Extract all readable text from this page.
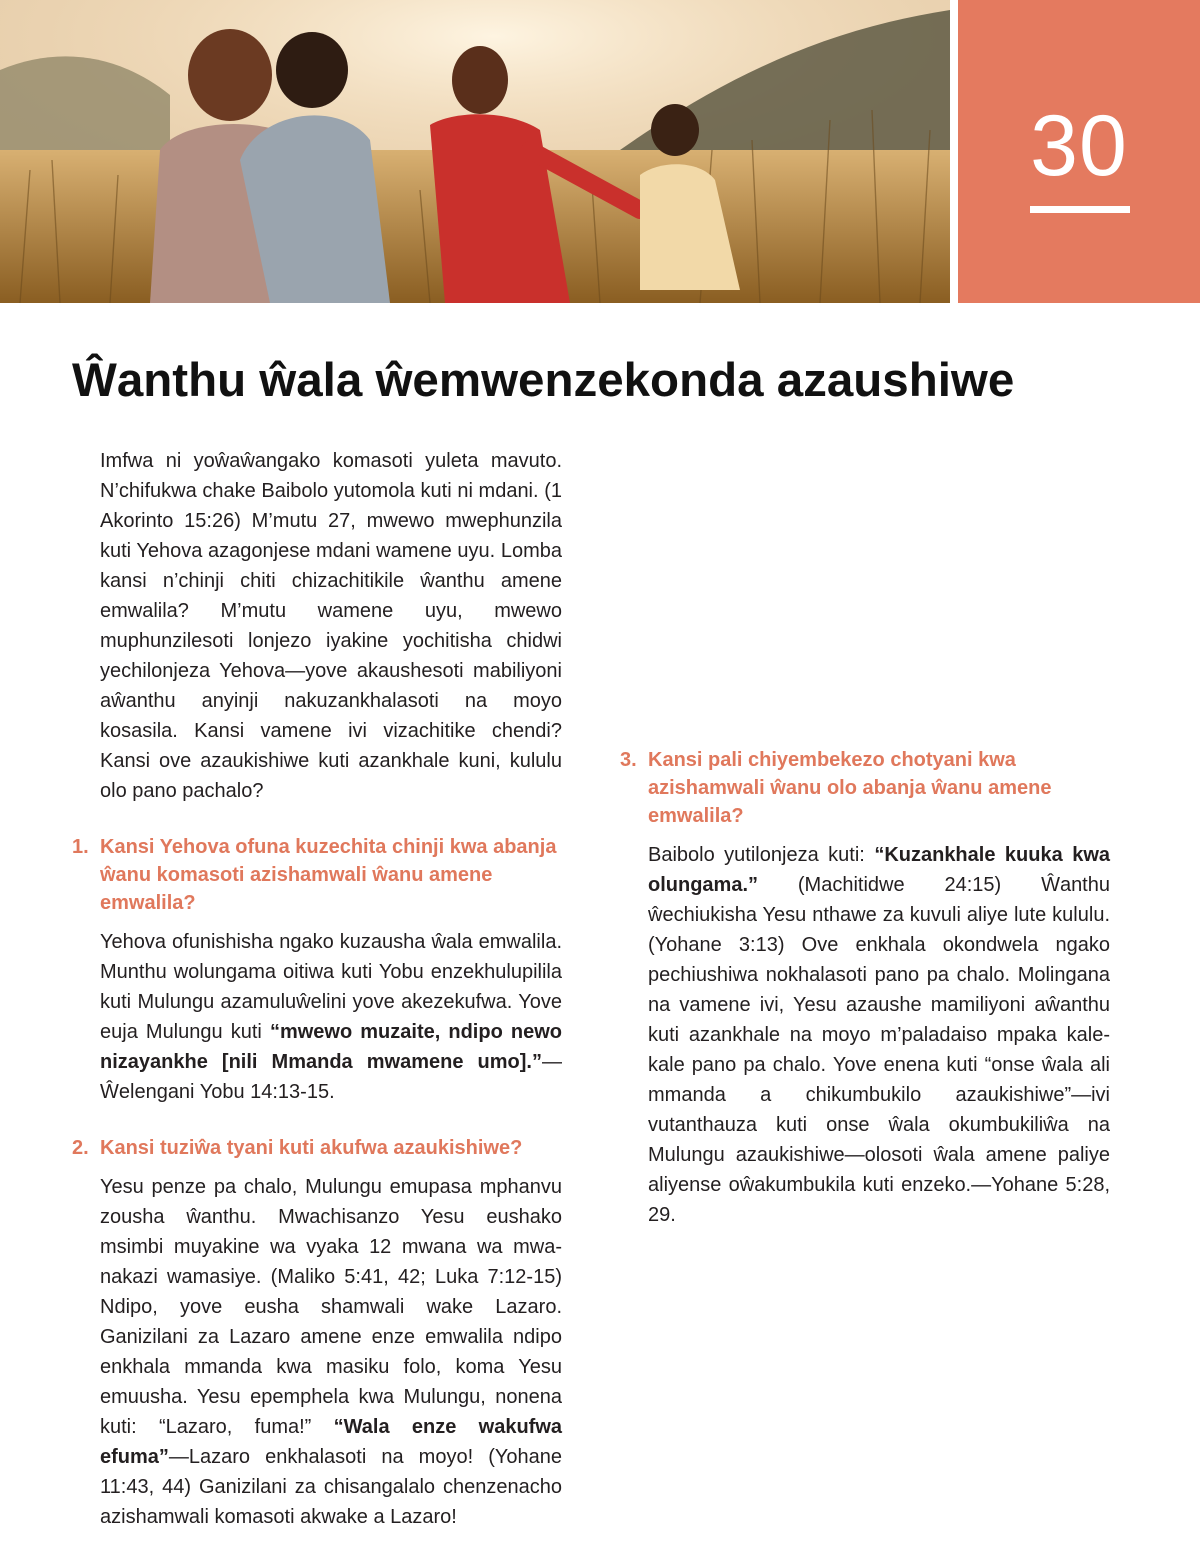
30
Ŵanthu ŵala ŵemwenzekonda azaushiwe

Imfwa ni yoŵaŵangako komasoti yuleta mavuto. N’chifukwa chake Baibolo yutomola kuti ni mdani. (1 Akorinto 15:26) M’mutu 27, mwewo mwephunzila kuti Yehova azagonjese mdani wamene uyu. Lomba kansi n’chinji chiti chizachitikile ŵanthu amene emwalila? M’mutu wamene uyu, mwewo muphunzilesoti lonjezo iyakine yochitisha chidwi yechilonjeza Yehova—yove akaushesoti mabiliyoni aŵanthu anyinji nakuzankhalasoti na moyo kosasila. Kansi vamene ivi vizachitike chendi? Kansi ove azaukishiwe kuti azankhale kuni, kululu olo pano pachalo?

1. Kansi Yehova ofuna kuzechita chinji kwa abanja ŵanu komasoti azishamwali ŵanu amene emwalila?

Yehova ofunishisha ngako kuzausha ŵala emwalila. Munthu wolungama oitiwa kuti Yobu enzekhulupilila kuti Mulungu azamuluŵelini yove akezekufwa. Yove euja Mulungu kuti “mwewo muzaite, ndipo newo nizayankhe [nili Mmanda mwamene umo].”—Ŵelengani Yobu 14:13-15.

2. Kansi tuziŵa tyani kuti akufwa azaukishiwe?

Yesu penze pa chalo, Mulungu emupasa mphanvu zousha ŵanthu. Mwachisanzo Yesu eushako msimbi muyakine wa vyaka 12 mwana wa mwanakazi wamasiye. (Maliko 5:41, 42; Luka 7:12-15) Ndipo, yove eusha shamwali wake Lazaro. Ganizilani za Lazaro amene enze emwalila ndipo enkhala mmanda kwa masiku folo, koma Yesu emuusha. Yesu epemphela kwa Mulungu, nonena kuti: “Lazaro, fuma!” “Wala enze wakufwa efuma”—Lazaro enkhalasoti na moyo! (Yohane 11:43, 44) Ganizilani za chisangalalo chenzenacho azishamwali komasoti akwake a Lazaro!

3. Kansi pali chiyembekezo chotyani kwa azishamwali ŵanu olo abanja ŵanu amene emwalila?

Baibolo yutilonjeza kuti: “Kuzankhale kuuka kwa olungama.” (Machitidwe 24:15) Ŵanthu ŵechiukisha Yesu nthawe za kuvuli aliye lute kululu. (Yohane 3:13) Ove enkhala okondwela ngako pechiushiwa nokhalasoti pano pa chalo. Molingana na vamene ivi, Yesu azaushe mamiliyoni aŵanthu kuti azankhale na moyo m’paladaiso mpaka kale-kale pano pa chalo. Yove enena kuti “onse ŵala ali mmanda a chikumbukilo azaukishiwe”—ivi vutanthauza kuti onse ŵala okumbukiliŵa na Mulungu azaukishiwe—olosoti ŵala amene paliye aliyense oŵakumbukila kuti enzeko.—Yohane 5:28, 29.
